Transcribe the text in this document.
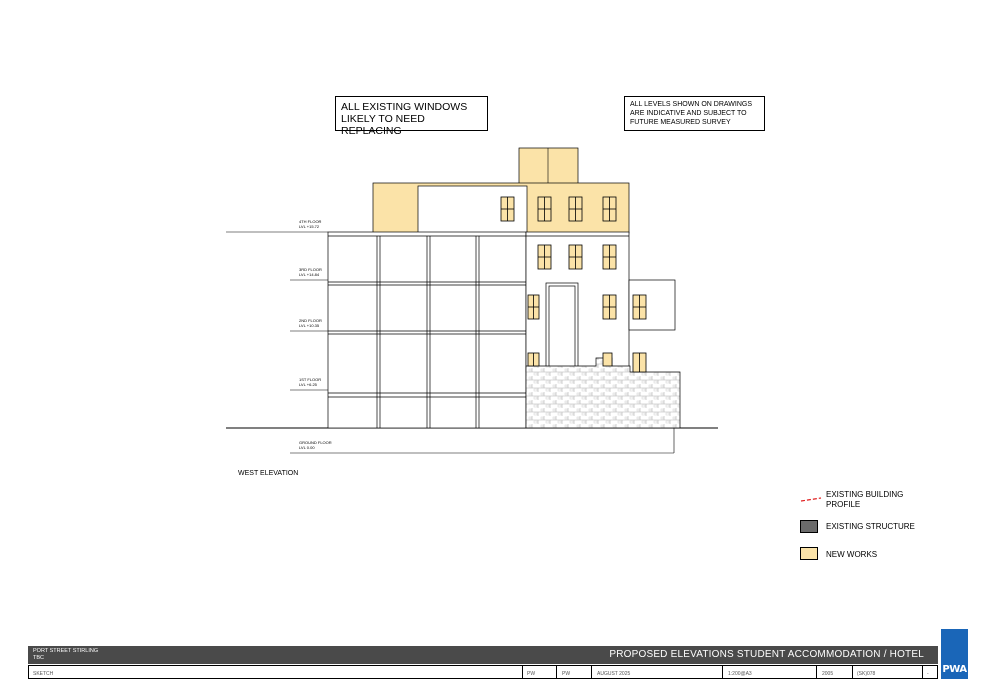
ALL EXISTING WINDOWS
LIKELY TO NEED REPLACING
ALL LEVELS SHOWN ON DRAWINGS
ARE INDICATIVE AND SUBJECT TO
FUTURE MEASURED SURVEY
4TH FLOOR
LVL +15.72
3RD FLOOR
LVL +14.84
2ND FLOOR
LVL +10.35
1ST FLOOR
LVL +6.25
GROUND FLOOR
LVL 0.00
WEST ELEVATION
EXISTING BUILDING PROFILE
EXISTING STRUCTURE
NEW WORKS
PORT STREET STIRLING
TBC	PROPOSED ELEVATIONS STUDENT ACCOMMODATION / HOTEL
SKETCH	PW	PW	AUGUST 2025	1:200@A3	2005	(SK)078	- PWA
